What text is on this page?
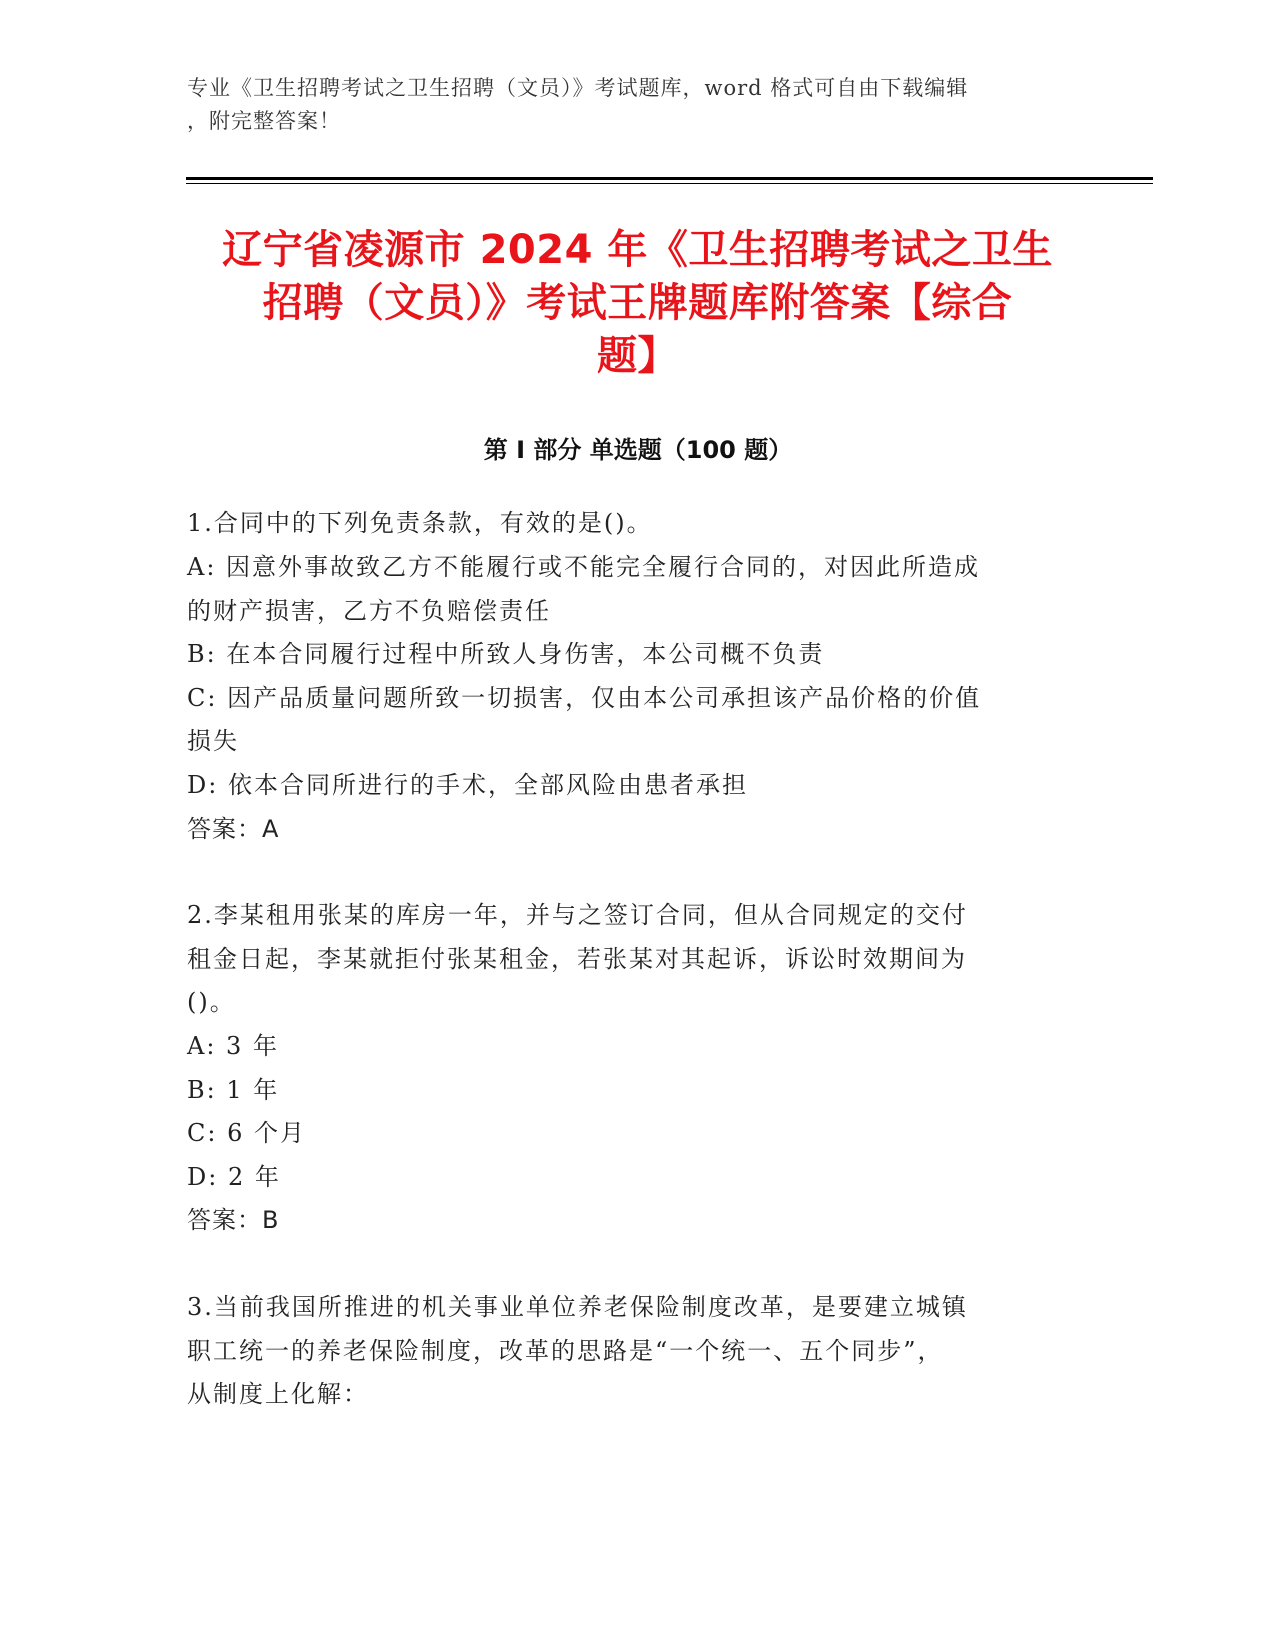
专业《卫生招聘考试之卫生招聘（文员）》考试题库，word 格式可自由下载编辑

，附完整答案！

辽宁省凌源市 2024 年《卫生招聘考试之卫生

招聘（文员）》考试王牌题库附答案【综合

题】

第 I 部分 单选题（100 题）
1.合同中的下列免责条款，有效的是()。
A: 因意外事故致乙方不能履行或不能完全履行合同的，对因此所造成
的财产损害，乙方不负赔偿责任
B: 在本合同履行过程中所致人身伤害，本公司概不负责
C: 因产品质量问题所致一切损害，仅由本公司承担该产品价格的价值
损失
D: 依本合同所进行的手术，全部风险由患者承担
答案：A
2.李某租用张某的库房一年，并与之签订合同，但从合同规定的交付
租金日起，李某就拒付张某租金，若张某对其起诉，诉讼时效期间为
()。
A: 3 年
B: 1 年
C: 6 个月
D: 2 年
答案：B
3.当前我国所推进的机关事业单位养老保险制度改革，是要建立城镇
职工统一的养老保险制度，改革的思路是“一个统一、五个同步”，
从制度上化解：
